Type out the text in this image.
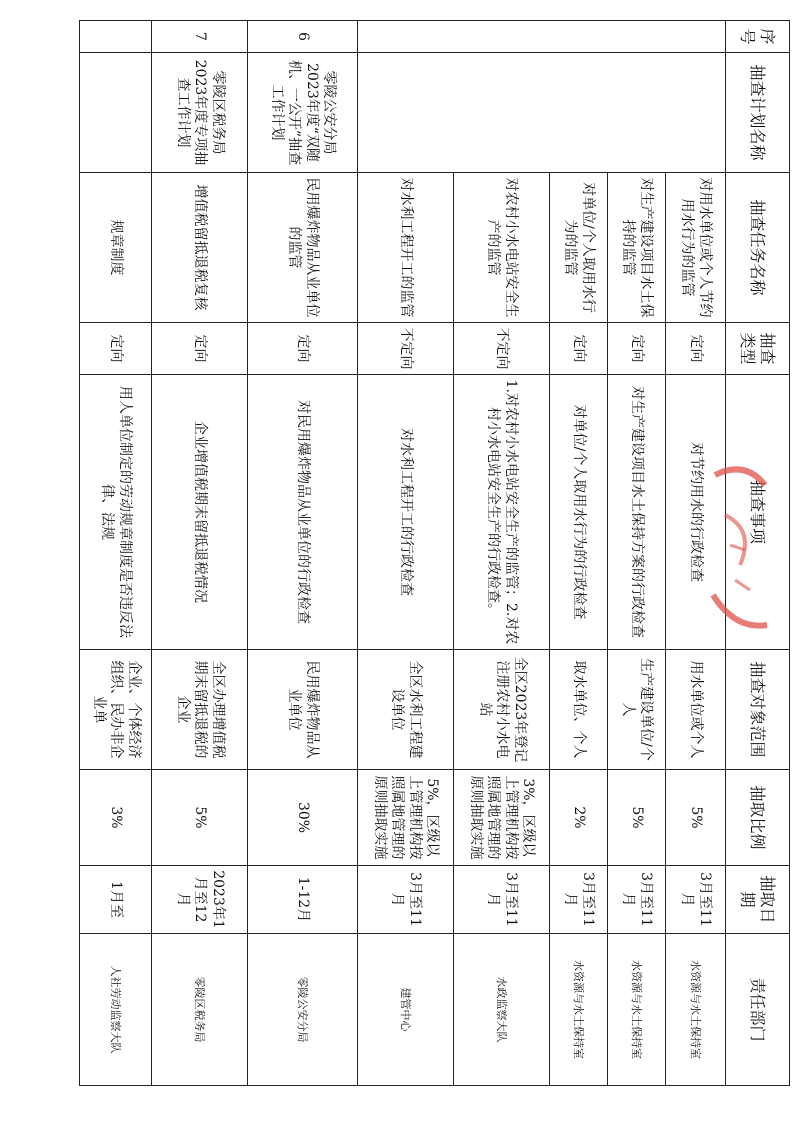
序号	抽查计划名称	抽查任务名称	抽查类型	抽查事项	抽查对象范围	抽取比例	抽取日期	责任部门
		对用水单位或个人节约用水行为的监管	定向	对节约用水的行政检查	用水单位或个人	5%	3月至11月	水资源与水土保持室
		对生产建设项目水土保持的监管	定向	对生产建设项目水土保持方案的行政检查	生产建设单位/个人	5%	3月至11月	水资源与水土保持室
		对单位/个人取用水行为的监管	定向	对单位/个人取用水行为的行政检查	取水单位、个人	2%	3月至11月	水资源与水土保持室
		对农村小水电站安全生产的监管	不定向	1.对农村小水电站安全生产的监管；2.对农村小水电站安全生产的行政检查。	全区2023年登记注册农村小水电站	3%，区级以上管理机构按照属地管理的原则抽取实施	3月至11月	水政监察大队
		对水利工程开工的监管	不定向	对水利工程开工的行政检查	全区水利工程建设单位	5%，区级以上管理机构按照属地管理的原则抽取实施	3月至11月	建管中心
6	零陵公安分局2023年度“双随机、一公开”抽查工作计划	民用爆炸物品从业单位的监管	定向	对民用爆炸物品从业单位的行政检查	民用爆炸物品从业单位	30%	1-12月	零陵公安分局
7	零陵区税务局2023年度专项抽查工作计划	增值税留抵退税复核	定向	企业增值税期末留抵退税情况	全区办理增值税期末留抵退税的企业	5%	2023年1月至12月	零陵区税务局
		规章制度	定向	用人单位制定的劳动规章制度是否违反法律、法规	企业、个体经济组织、民办非企业单	3%	1月至	人社劳动监察大队
